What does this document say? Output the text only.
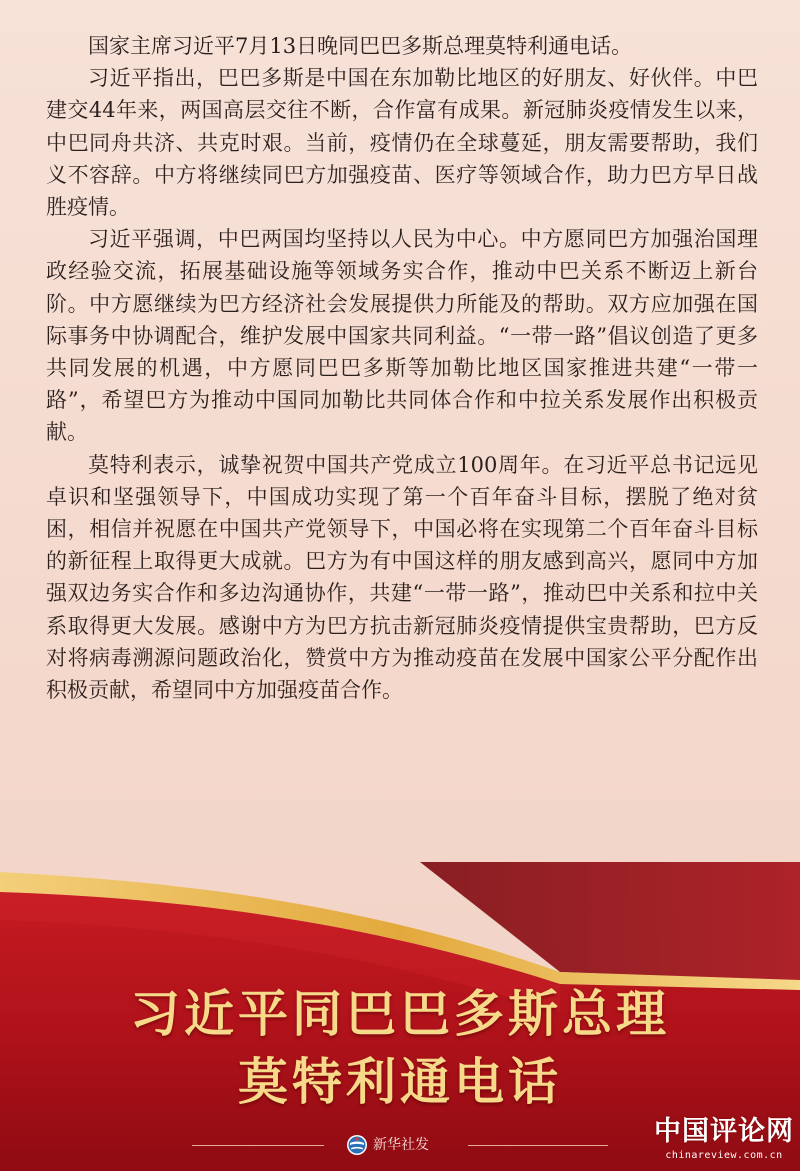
国家主席习近平7月13日晚同巴巴多斯总理莫特利通电话。

习近平指出，巴巴多斯是中国在东加勒比地区的好朋友、好伙伴。中巴建交44年来，两国高层交往不断，合作富有成果。新冠肺炎疫情发生以来，中巴同舟共济、共克时艰。当前，疫情仍在全球蔓延，朋友需要帮助，我们义不容辞。中方将继续同巴方加强疫苗、医疗等领域合作，助力巴方早日战胜疫情。

习近平强调，中巴两国均坚持以人民为中心。中方愿同巴方加强治国理政经验交流，拓展基础设施等领域务实合作，推动中巴关系不断迈上新台阶。中方愿继续为巴方经济社会发展提供力所能及的帮助。双方应加强在国际事务中协调配合，维护发展中国家共同利益。“一带一路”倡议创造了更多共同发展的机遇，中方愿同巴巴多斯等加勒比地区国家推进共建“一带一路”，希望巴方为推动中国同加勒比共同体合作和中拉关系发展作出积极贡献。

莫特利表示，诚挚祝贺中国共产党成立100周年。在习近平总书记远见卓识和坚强领导下，中国成功实现了第一个百年奋斗目标，摆脱了绝对贫困，相信并祝愿在中国共产党领导下，中国必将在实现第二个百年奋斗目标的新征程上取得更大成就。巴方为有中国这样的朋友感到高兴，愿同中方加强双边务实合作和多边沟通协作，共建“一带一路”，推动巴中关系和拉中关系取得更大发展。感谢中方为巴方抗击新冠肺炎疫情提供宝贵帮助，巴方反对将病毒溯源问题政治化，赞赏中方为推动疫苗在发展中国家公平分配作出积极贡献，希望同中方加强疫苗合作。

习近平同巴巴多斯总理
莫特利通电话
新华社发	中国评论网
chinareview.com.cn
